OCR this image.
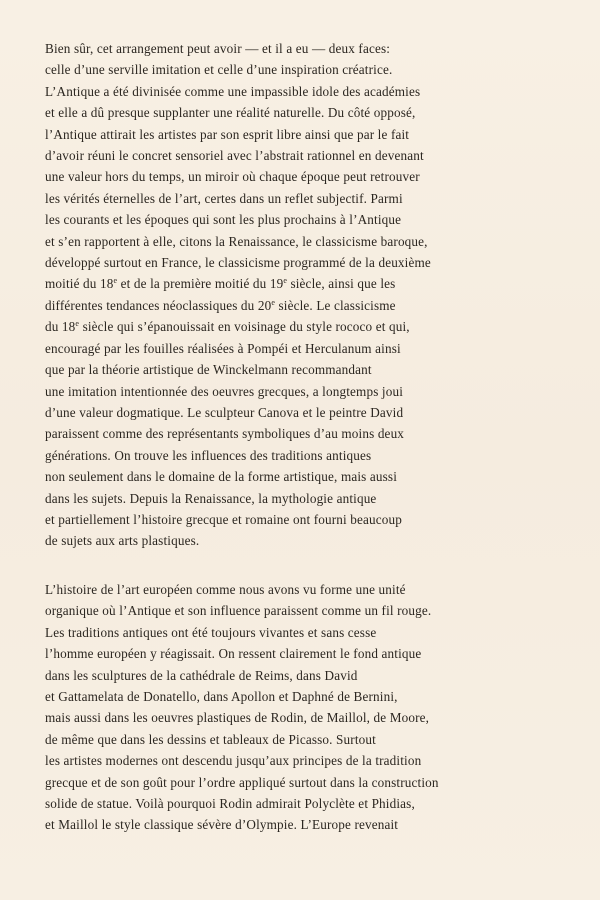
Bien sûr, cet arrangement peut avoir — et il a eu — deux faces:
celle d’une serville imitation et celle d’une inspiration créatrice.
L’Antique a été divinisée comme une impassible idole des académies
et elle a dû presque supplanter une réalité naturelle. Du côté opposé,
l’Antique attirait les artistes par son esprit libre ainsi que par le fait
d’avoir réuni le concret sensoriel avec l’abstrait rationnel en devenant
une valeur hors du temps, un miroir où chaque époque peut retrouver
les vérités éternelles de l’art, certes dans un reflet subjectif. Parmi
les courants et les époques qui sont les plus prochains à l’Antique
et s’en rapportent à elle, citons la Renaissance, le classicisme baroque,
développé surtout en France, le classicisme programmé de la deuxième
moitié du 18e et de la première moitié du 19e siècle, ainsi que les
différentes tendances néoclassiques du 20e siècle. Le classicisme
du 18e siècle qui s’épanouissait en voisinage du style rococo et qui,
encouragé par les fouilles réalisées à Pompéi et Herculanum ainsi
que par la théorie artistique de Winckelmann recommandant
une imitation intentionnée des oeuvres grecques, a longtemps joui
d’une valeur dogmatique. Le sculpteur Canova et le peintre David
paraissent comme des représentants symboliques d’au moins deux
générations. On trouve les influences des traditions antiques
non seulement dans le domaine de la forme artistique, mais aussi
dans les sujets. Depuis la Renaissance, la mythologie antique
et partiellement l’histoire grecque et romaine ont fourni beaucoup
de sujets aux arts plastiques.
L’histoire de l’art européen comme nous avons vu forme une unité
organique où l’Antique et son influence paraissent comme un fil rouge.
Les traditions antiques ont été toujours vivantes et sans cesse
l’homme européen y réagissait. On ressent clairement le fond antique
dans les sculptures de la cathédrale de Reims, dans David
et Gattamelata de Donatello, dans Apollon et Daphné de Bernini,
mais aussi dans les oeuvres plastiques de Rodin, de Maillol, de Moore,
de même que dans les dessins et tableaux de Picasso. Surtout
les artistes modernes ont descendu jusqu’aux principes de la tradition
grecque et de son goût pour l’ordre appliqué surtout dans la construction
solide de statue. Voilà pourquoi Rodin admirait Polyclète et Phidias,
et Maillol le style classique sévère d’Olympie. L’Europe revenait
